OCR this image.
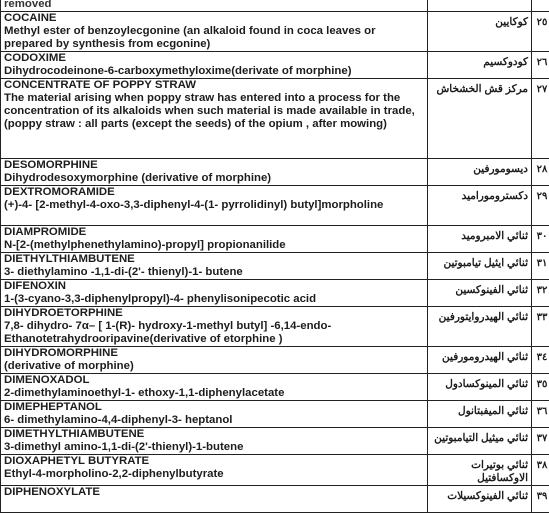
removed		

COCAINE
Methyl ester of benzoylecgonine (an alkaloid found in coca leaves or prepared by synthesis from ecgonine)	كوكايين	٢٥

CODOXIME
Dihydrocodeinone-6-carboxymethyloxime(derivate of morphine)	كودوكسيم	٢٦

CONCENTRATE OF POPPY STRAW
The material arising when poppy straw has entered into a process for the concentration of its alkaloids when such material is made available in trade,
(poppy straw : all parts (except the seeds) of the opium , after mowing)	مركز قش الخشخاش	٢٧

DESOMORPHINE
Dihydrodesoxymorphine (derivative of morphine)	ديسومورفين	٢٨

DEXTROMORAMIDE
(+)-4- [2-methyl-4-oxo-3,3-diphenyl-4-(1- pyrrolidinyl) butyl]morpholine	دكستروموراميد	٢٩

DIAMPROMIDE
N-[2-(methylphenethylamino)-propyl] propionanilide	ثنائي الامبروميد	٣٠

DIETHYLTHIAMBUTENE
3- diethylamino -1,1-di-(2'- thienyl)-1- butene	ثنائي ايثيل تيامبوتين	٣١

DIFENOXIN
1-(3-cyano-3,3-diphenylpropyl)-4- phenylisonipecotic acid	ثنائي الفينوكسين	٣٢

DIHYDROETORPHINE
7,8- dihydro- 7α– [ 1-(R)- hydroxy-1-methyl butyl] -6,14-endo-Ethanotetrahydrooripavine(derivative of etorphine )	ثنائي الهيدروايتورفين	٣٣

DIHYDROMORPHINE
(derivative of morphine)	ثنائي الهيدرومورفين	٣٤

DIMENOXADOL
2-dimethylaminoethyl-1- ethoxy-1,1-diphenylacetate	ثنائي المينوكسادول	٣٥

DIMEPHEPTANOL
6- dimethylamino-4,4-diphenyl-3- heptanol	ثنائي الميفبتانول	٣٦

DIMETHYLTHIAMBUTENE
3-dimethyl amino-1,1-di-(2'-thienyl)-1-butene	ثنائي ميثيل التيامبوتين	٣٧

DIOXAPHETYL BUTYRATE
Ethyl-4-morpholino-2,2-diphenylbutyrate	ثنائي بوتيرات الاوكسافتيل	٣٨

DIPHENOXYLATE	ثنائي الفينوكسيلات	٣٩
